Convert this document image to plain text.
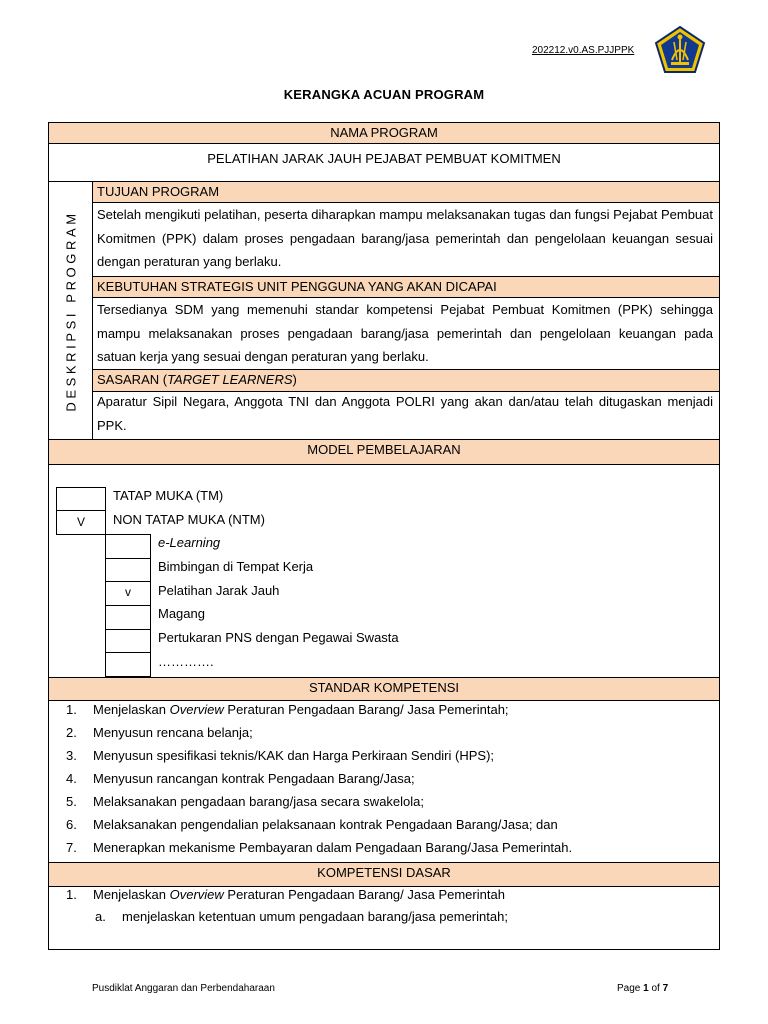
202212.v0.AS.PJJPPK
KERANGKA ACUAN PROGRAM
NAMA PROGRAM
PELATIHAN JARAK JAUH PEJABAT PEMBUAT KOMITMEN
DESKRIPSI PROGRAM
TUJUAN PROGRAM
Setelah mengikuti pelatihan, peserta diharapkan mampu melaksanakan tugas dan fungsi Pejabat Pembuat Komitmen (PPK) dalam proses pengadaan barang/jasa pemerintah dan pengelolaan keuangan sesuai dengan peraturan yang berlaku.
KEBUTUHAN STRATEGIS UNIT PENGGUNA YANG AKAN DICAPAI
Tersedianya SDM yang memenuhi standar kompetensi Pejabat Pembuat Komitmen (PPK) sehingga mampu melaksanakan proses pengadaan barang/jasa pemerintah dan pengelolaan keuangan pada satuan kerja yang sesuai dengan peraturan yang berlaku.
SASARAN (TARGET LEARNERS)
Aparatur Sipil Negara, Anggota TNI dan Anggota POLRI yang akan dan/atau telah ditugaskan menjadi PPK.
MODEL PEMBELAJARAN
V
TATAP MUKA (TM)
NON TATAP MUKA (NTM)
v
e-Learning
Bimbingan di Tempat Kerja
Pelatihan Jarak Jauh
Magang
Pertukaran PNS dengan Pegawai Swasta
………….
STANDAR KOMPETENSI
1. Menjelaskan Overview Peraturan Pengadaan Barang/ Jasa Pemerintah;
2. Menyusun rencana belanja;
3. Menyusun spesifikasi teknis/KAK dan Harga Perkiraan Sendiri (HPS);
4. Menyusun rancangan kontrak Pengadaan Barang/Jasa;
5. Melaksanakan pengadaan barang/jasa secara swakelola;
6. Melaksanakan pengendalian pelaksanaan kontrak Pengadaan Barang/Jasa; dan
7. Menerapkan mekanisme Pembayaran dalam Pengadaan Barang/Jasa Pemerintah.
KOMPETENSI DASAR
1. Menjelaskan Overview Peraturan Pengadaan Barang/ Jasa Pemerintah
a. menjelaskan ketentuan umum pengadaan barang/jasa pemerintah;
Pusdiklat Anggaran dan Perbendaharaan	Page 1 of 7
